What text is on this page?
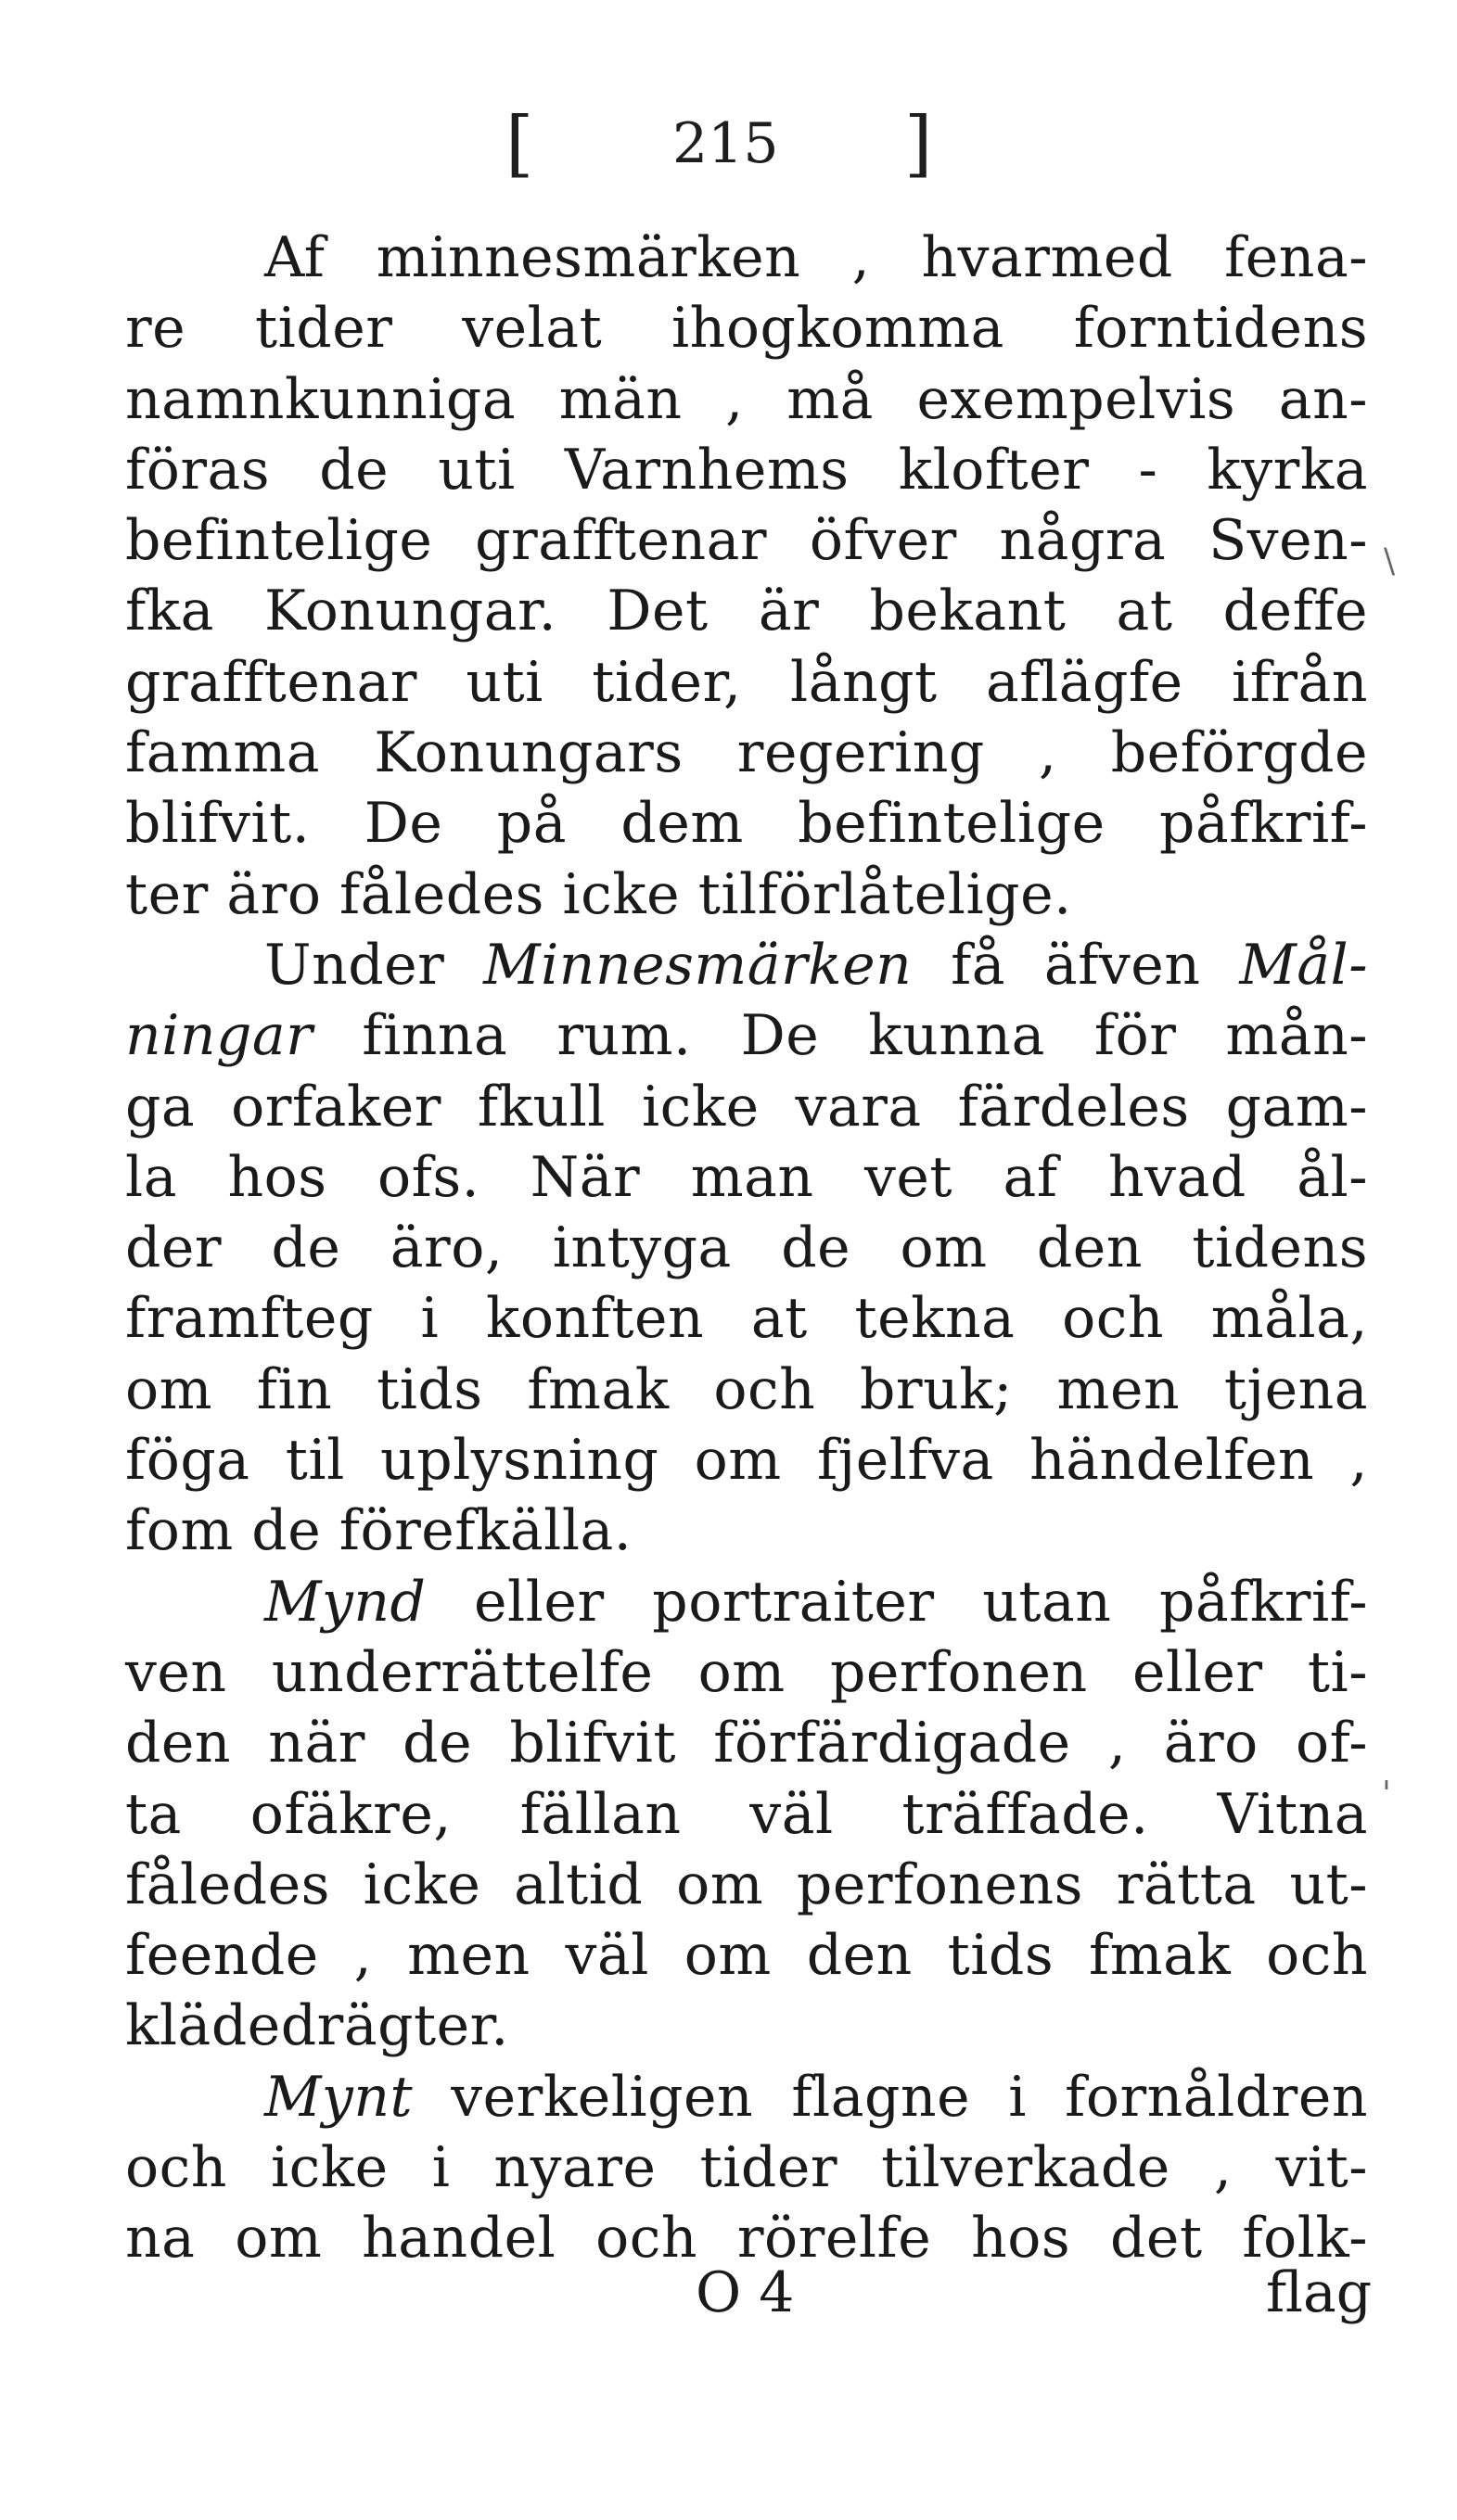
[ 215 ]
Af minnesmärken , hvarmed fena-
re tider velat ihogkomma forntidens
namnkunniga män , må exempelvis an-
föras de uti Varnhems klofter - kyrka
befintelige grafftenar öfver några Sven-
fka Konungar. Det är bekant at deffe
grafftenar uti tider, långt aflägfe ifrån
famma Konungars regering , beförgde
blifvit. De på dem befintelige påfkrif-
ter äro fåledes icke tilförlåtelige.
Under Minnesmärken få äfven Mål-
ningar finna rum. De kunna för mån-
ga orfaker fkull icke vara färdeles gam-
la hos ofs. När man vet af hvad ål-
der de äro, intyga de om den tidens
framfteg i konften at tekna och måla,
om fin tids fmak och bruk; men tjena
föga til uplysning om fjelfva händelfen ,
fom de förefkälla.
Mynd eller portraiter utan påfkrif-
ven underrättelfe om perfonen eller ti-
den när de blifvit förfärdigade , äro of-
ta ofäkre, fällan väl träffade. Vitna
fåledes icke altid om perfonens rätta ut-
feende , men väl om den tids fmak och
klädedrägter.
Mynt verkeligen flagne i fornåldren
och icke i nyare tider tilverkade , vit-
na om handel och rörelfe hos det folk-
O 4	flag
\
'
